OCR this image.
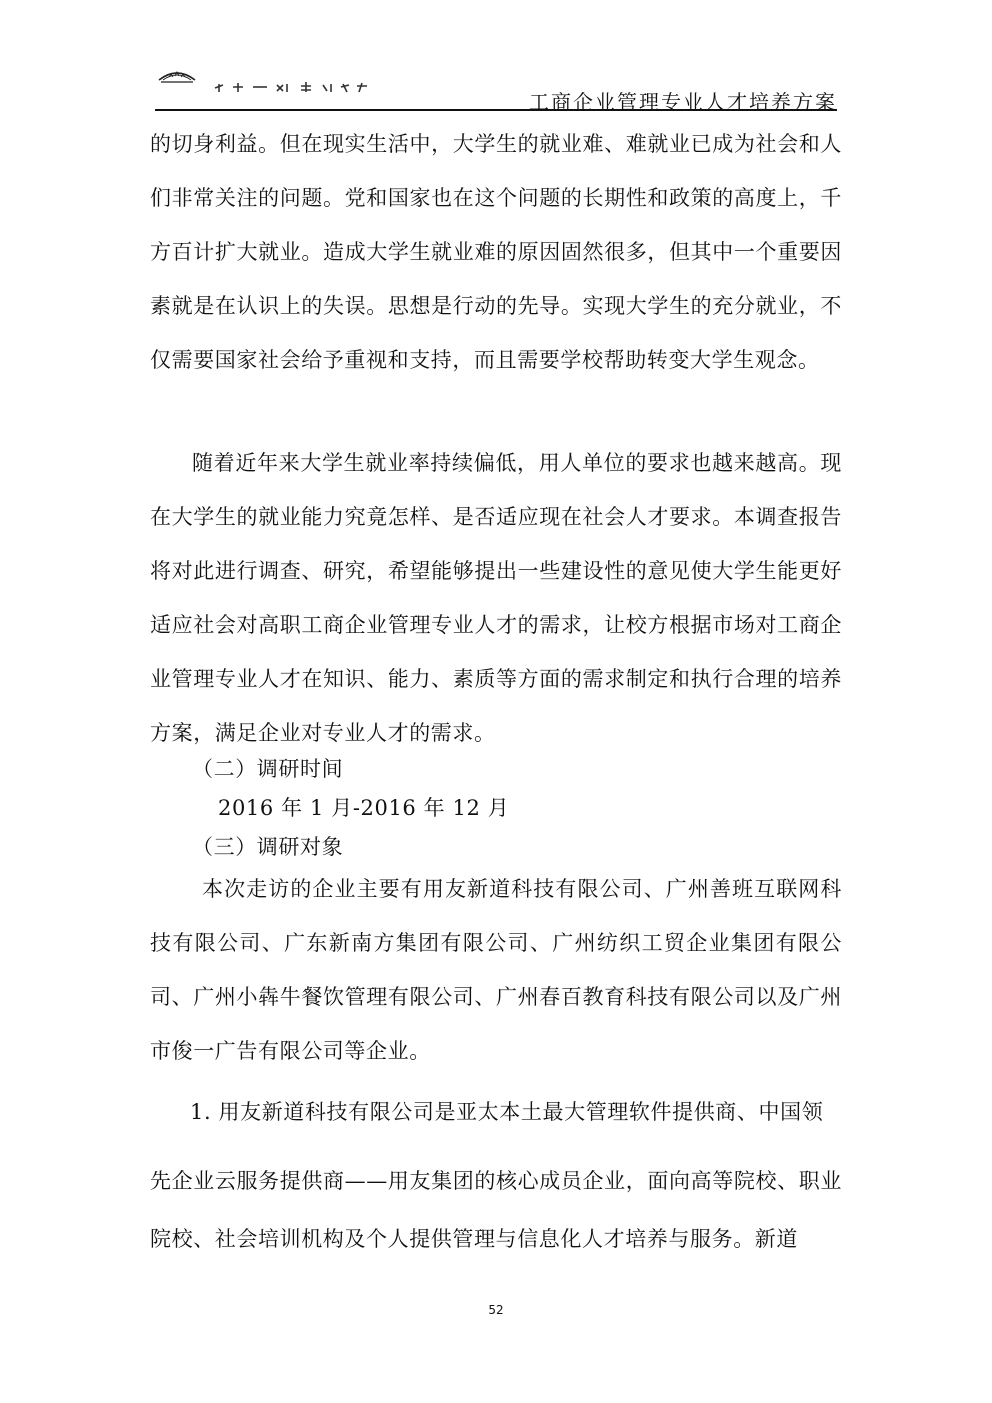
工商企业管理专业人才培养方案

的切身利益。但在现实生活中，大学生的就业难、难就业已成为社会和人们非常关注的问题。党和国家也在这个问题的长期性和政策的高度上，千方百计扩大就业。造成大学生就业难的原因固然很多，但其中一个重要因素就是在认识上的失误。思想是行动的先导。实现大学生的充分就业，不仅需要国家社会给予重视和支持，而且需要学校帮助转变大学生观念。

随着近年来大学生就业率持续偏低，用人单位的要求也越来越高。现在大学生的就业能力究竟怎样、是否适应现在社会人才要求。本调查报告将对此进行调查、研究，希望能够提出一些建设性的意见使大学生能更好适应社会对高职工商企业管理专业人才的需求，让校方根据市场对工商企业管理专业人才在知识、能力、素质等方面的需求制定和执行合理的培养方案，满足企业对专业人才的需求。

（二）调研时间
2016 年 1 月-2016 年 12 月
（三）调研对象

本次走访的企业主要有用友新道科技有限公司、广州善班互联网科技有限公司、广东新南方集团有限公司、广州纺织工贸企业集团有限公司、广州小犇牛餐饮管理有限公司、广州春百教育科技有限公司以及广州市俊一广告有限公司等企业。

1. 用友新道科技有限公司是亚太本土最大管理软件提供商、中国领

先企业云服务提供商——用友集团的核心成员企业，面向高等院校、职业院校、社会培训机构及个人提供管理与信息化人才培养与服务。新道

52
